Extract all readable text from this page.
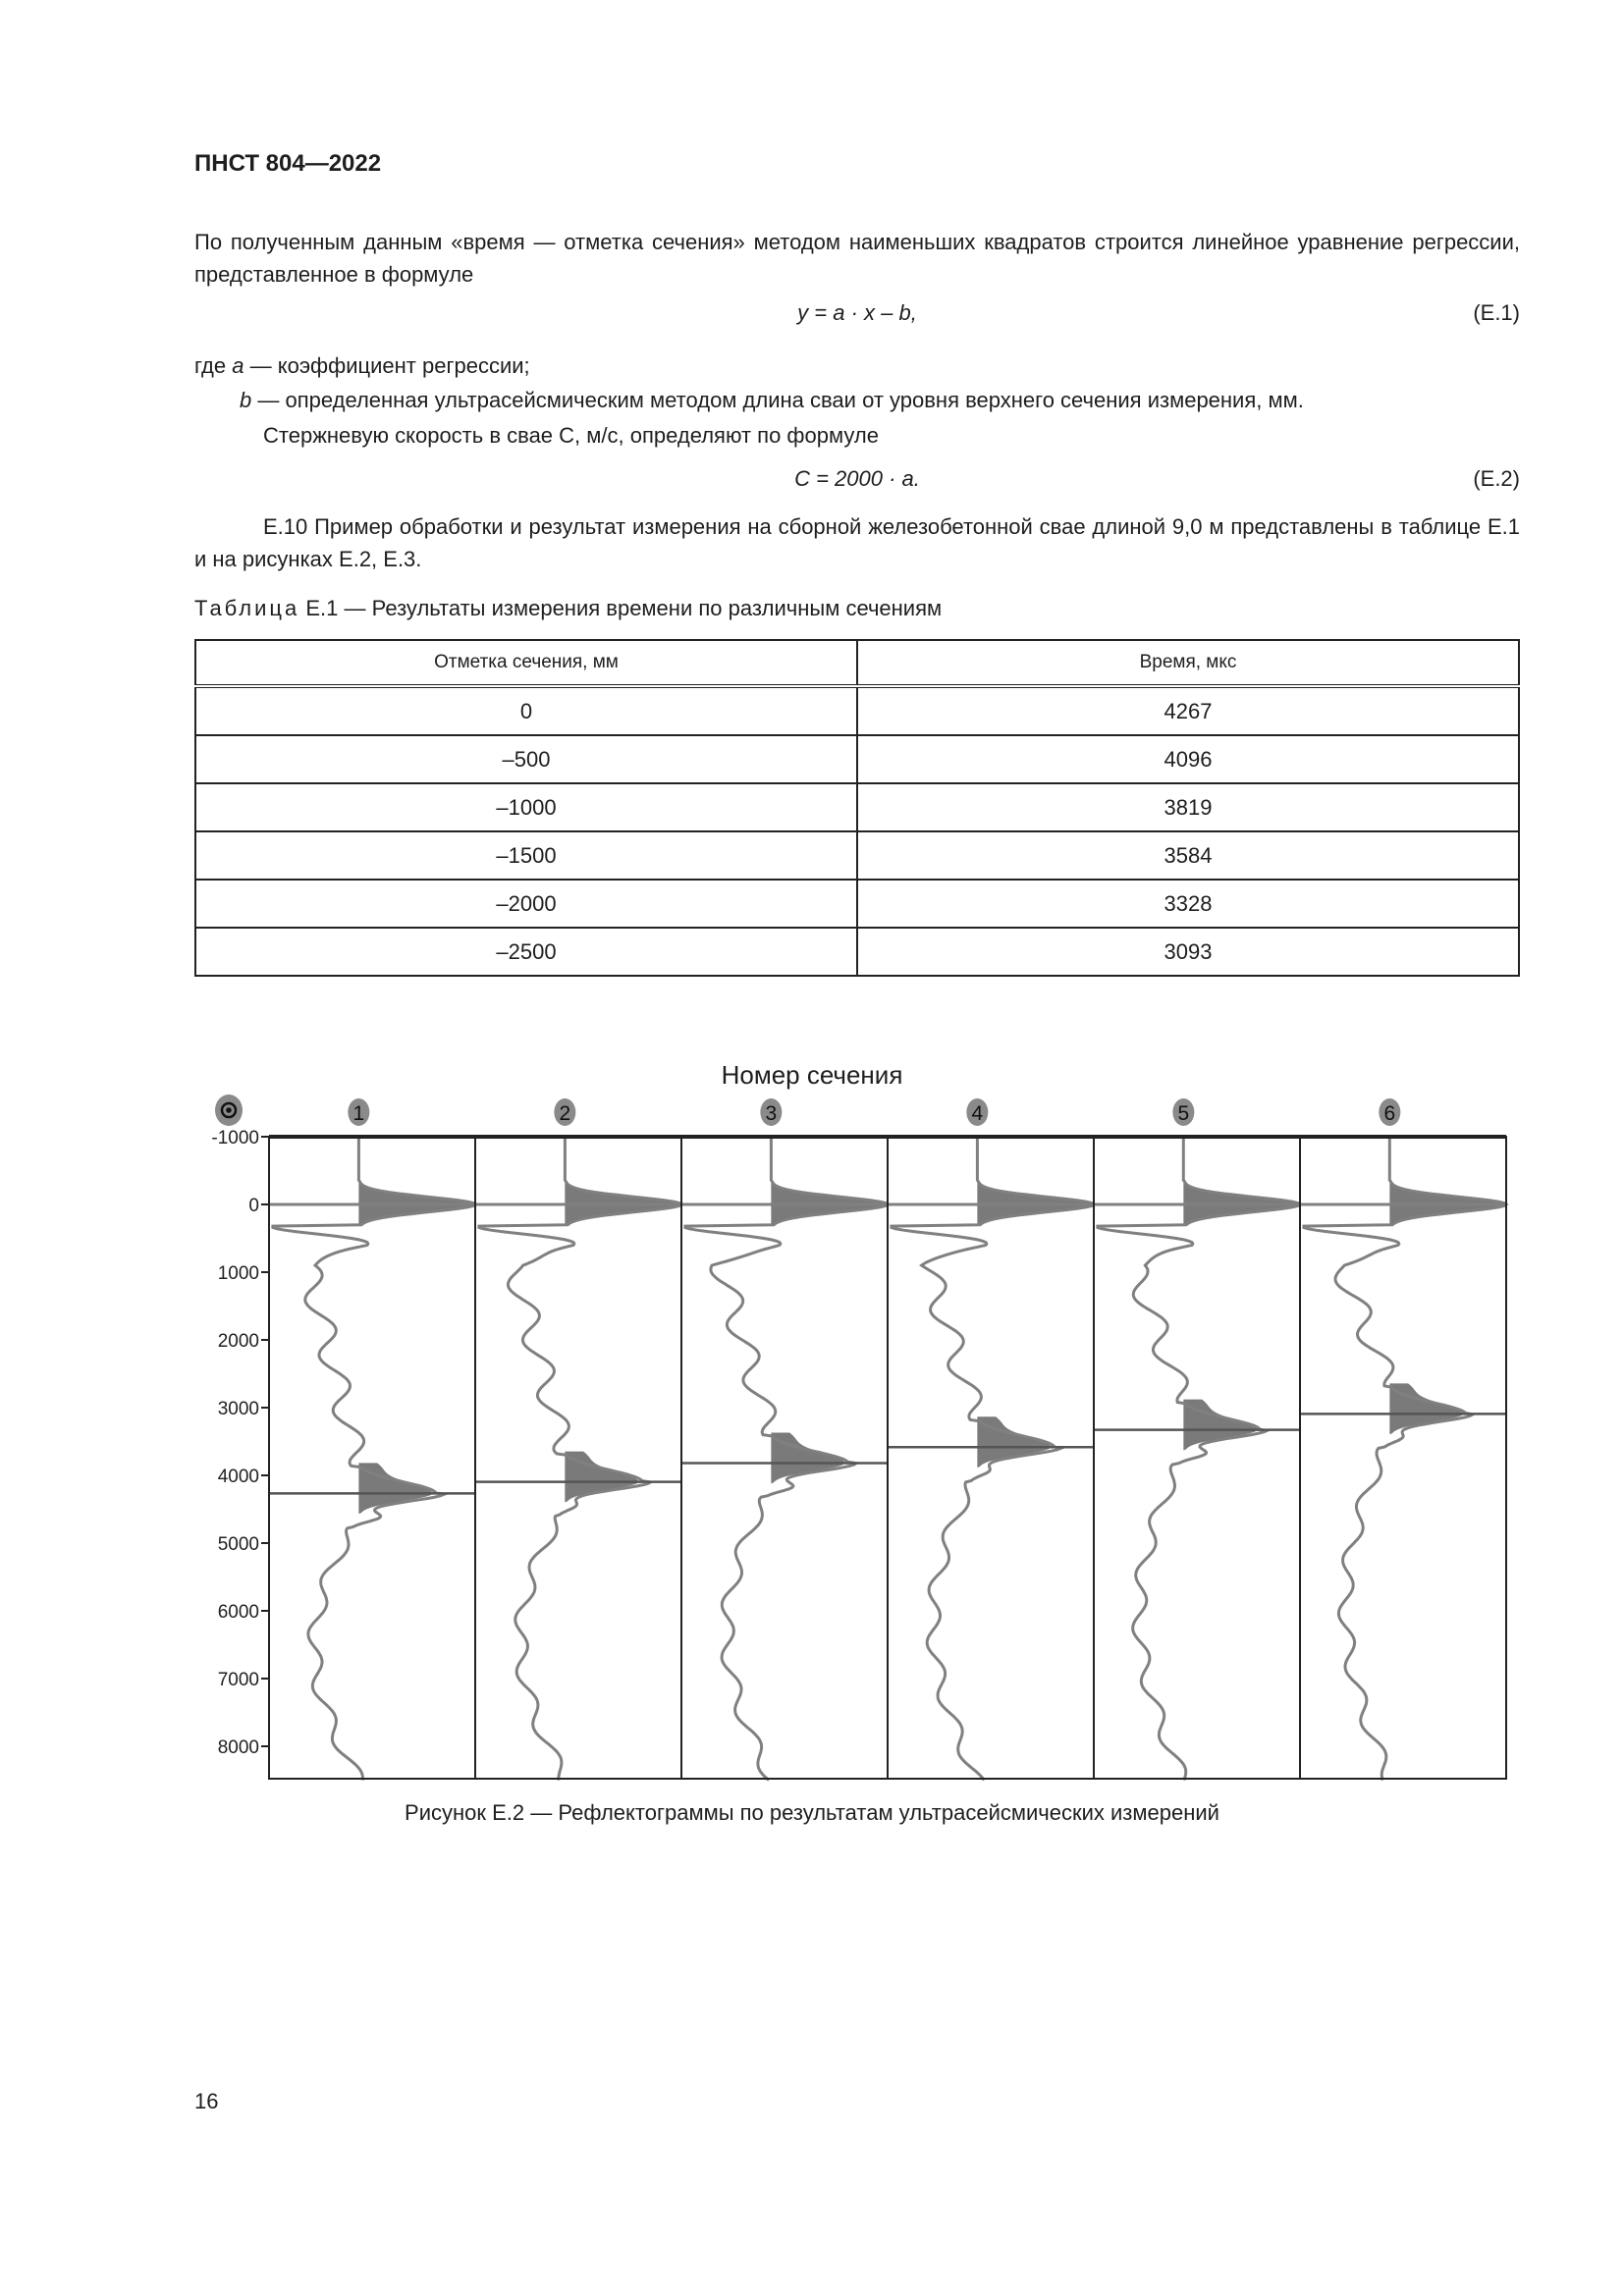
ПНСТ 804—2022
По полученным данным «время — отметка сечения» методом наименьших квадратов строится линейное уравнение регрессии, представленное в формуле
y = a · x – b,	(Е.1)
где a — коэффициент регрессии;
b — определенная ультрасейсмическим методом длина сваи от уровня верхнего сечения измерения, мм.
Стержневую скорость в свае C, м/с, определяют по формуле
C = 2000 · a.	(Е.2)
Е.10 Пример обработки и результат измерения на сборной железобетонной свае длиной 9,0 м представлены в таблице Е.1 и на рисунках Е.2, Е.3.
Таблица Е.1 — Результаты измерения времени по различным сечениям
Отметка сечения, мм	Время, мкс
0	4267
–500	4096
–1000	3819
–1500	3584
–2000	3328
–2500	3093
Номер сечения
-1000
0
1000
2000
3000
4000
5000
6000
7000
8000
1	2	3	4	5	6
Рисунок Е.2 — Рефлектограммы по результатам ультрасейсмических измерений
16
